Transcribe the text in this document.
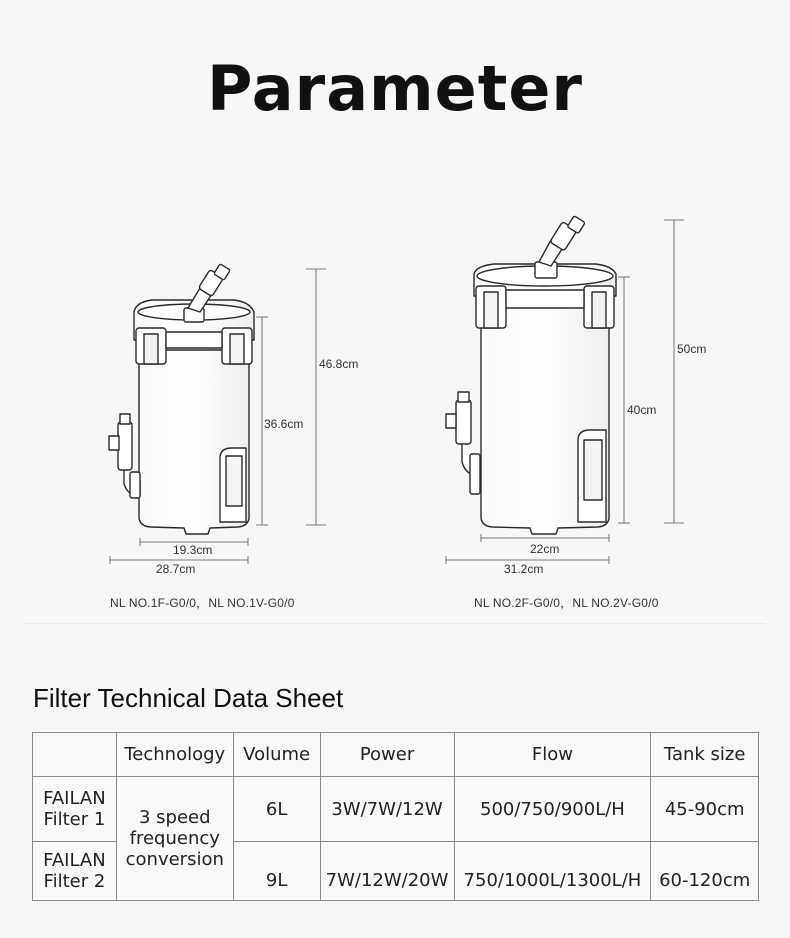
Parameter
46.8cm
36.6cm
19.3cm
28.7cm
NL NO.1F-G0/0，NL NO.1V-G0/0
50cm
40cm
22cm
31.2cm
NL NO.2F-G0/0，NL NO.2V-G0/0
Filter Technical Data Sheet
	Technology	Volume	Power	Flow	Tank size
FAILAN
Filter 1	3 speed frequency conversion	6L	3W/7W/12W	500/750/900L/H	45-90cm
FAILAN
Filter 2		9L	7W/12W/20W	750/1000L/1300L/H	60-120cm
